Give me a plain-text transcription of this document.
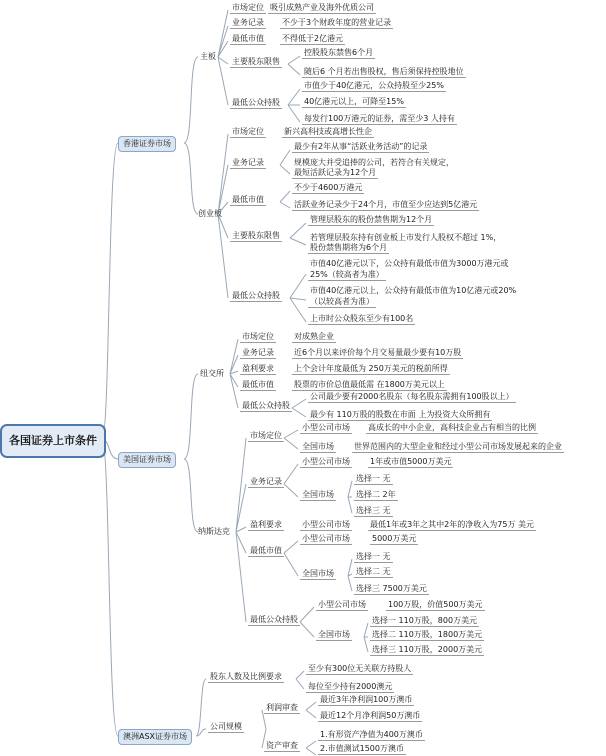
各国证券上市条件
香港证券市场
主板
市场定位 吸引成熟产业及海外优质公司
业务记录 不少于3个财政年度的营业记录
最低市值 不得低于2亿港元
主要股东限售
控股股东禁售6个月
随后6 个月若出售股权，售后须保持控股地位
最低公众持股
市值少于40亿港元，公众持股至少25%
40亿港元以上，可降至15%
每发行100万港元的证券，需至少3 人持有
创业板
市场定位	新兴高科技或高增长性企
业务记录
最少有2年从事“活跃业务活动”的记录
规模庞大并受追捧的公司，若符合有关规定，
最短活跃记录为12个月
最低市值
不少于4600万港元
活跃业务记录少于24个月，市值至少应达到5亿港元
主要股东限售
管理层股东的股份禁售期为12个月
若管理层股东持有创业板上市发行人股权不超过 1%，
股份禁售期将为6个月
最低公众持股
市值40亿港元以下，公众持有最低市值为3000万港元或
25%（较高者为准）
市值40亿港元以上，公众持有最低市值为10亿港元或20%
（以较高者为准）
上市时公众股东至少有100名
美国证券市场
纽交所
市场定位	对成熟企业
业务记录	近6个月以来评价每个月交易量最少要有10万股
盈利要求	上个会计年度最低为 250万美元的税前所得
最低市值	股票的市价总值最低需 在1800万美元以上
最低公众持股
公司最少要有2000名股东（每名股东需拥有100股以上）
最少有 110万股的股数在市面 上为投资大众所拥有
纳斯达克
市场定位
小型公司市场 高成长的中小企业，高科技企业占有相当的比例
全国市场	世界范围内的大型企业和经过小型公司市场发展起来的企业
业务记录
小型公司市场	1年或市值5000万美元
全国市场
选择一 无
选择二 2年
选择三 无
盈利要求	小型公司市场	最低1年或3年之其中2年的净收入为75万 美元
最低市值
小型公司市场	5000万美元
全国市场
选择一 无
选择二 无
选择三 7500万美元
最低公众持股
小型公司市场	100万股，价值500万美元
全国市场
选择一 110万股，800万美元
选择二 110万股，1800万美元
选择三 110万股，2000万美元
澳洲ASX证券市场
股东人数及比例要求
至少有300位无关联方持股人
每位至少持有2000澳元
公司规模
利润审查
最近3年净利润100万澳币
最近12个月净利润50万澳币
资产审查
1.有形资产净值为400万澳币
2.市值测试1500万澳币
